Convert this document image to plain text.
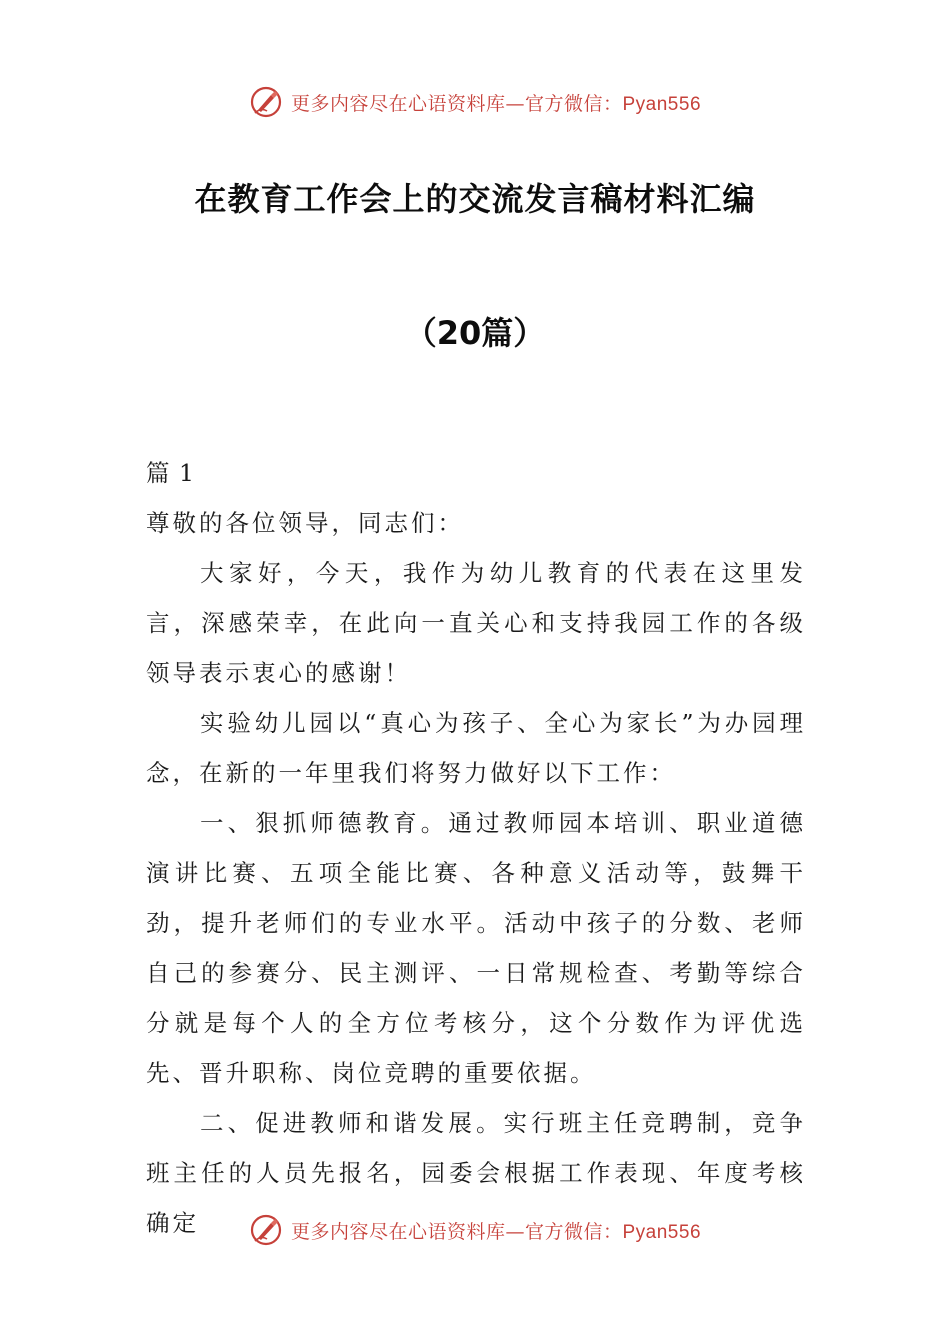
更多内容尽在心语资料库—官方微信：Pyan556
在教育工作会上的交流发言稿材料汇编
（20篇）

篇 1

尊敬的各位领导，同志们：

大家好，今天，我作为幼儿教育的代表在这里发言，深感荣幸，在此向一直关心和支持我园工作的各级领导表示衷心的感谢！

实验幼儿园以“真心为孩子、全心为家长”为办园理念，在新的一年里我们将努力做好以下工作：

一、狠抓师德教育。通过教师园本培训、职业道德演讲比赛、五项全能比赛、各种意义活动等，鼓舞干劲，提升老师们的专业水平。活动中孩子的分数、老师自己的参赛分、民主测评、一日常规检查、考勤等综合分就是每个人的全方位考核分，这个分数作为评优选先、晋升职称、岗位竞聘的重要依据。

二、促进教师和谐发展。实行班主任竞聘制，竞争班主任的人员先报名，园委会根据工作表现、年度考核确定	更多内容尽在心语资料库—官方微信：Pyan556
